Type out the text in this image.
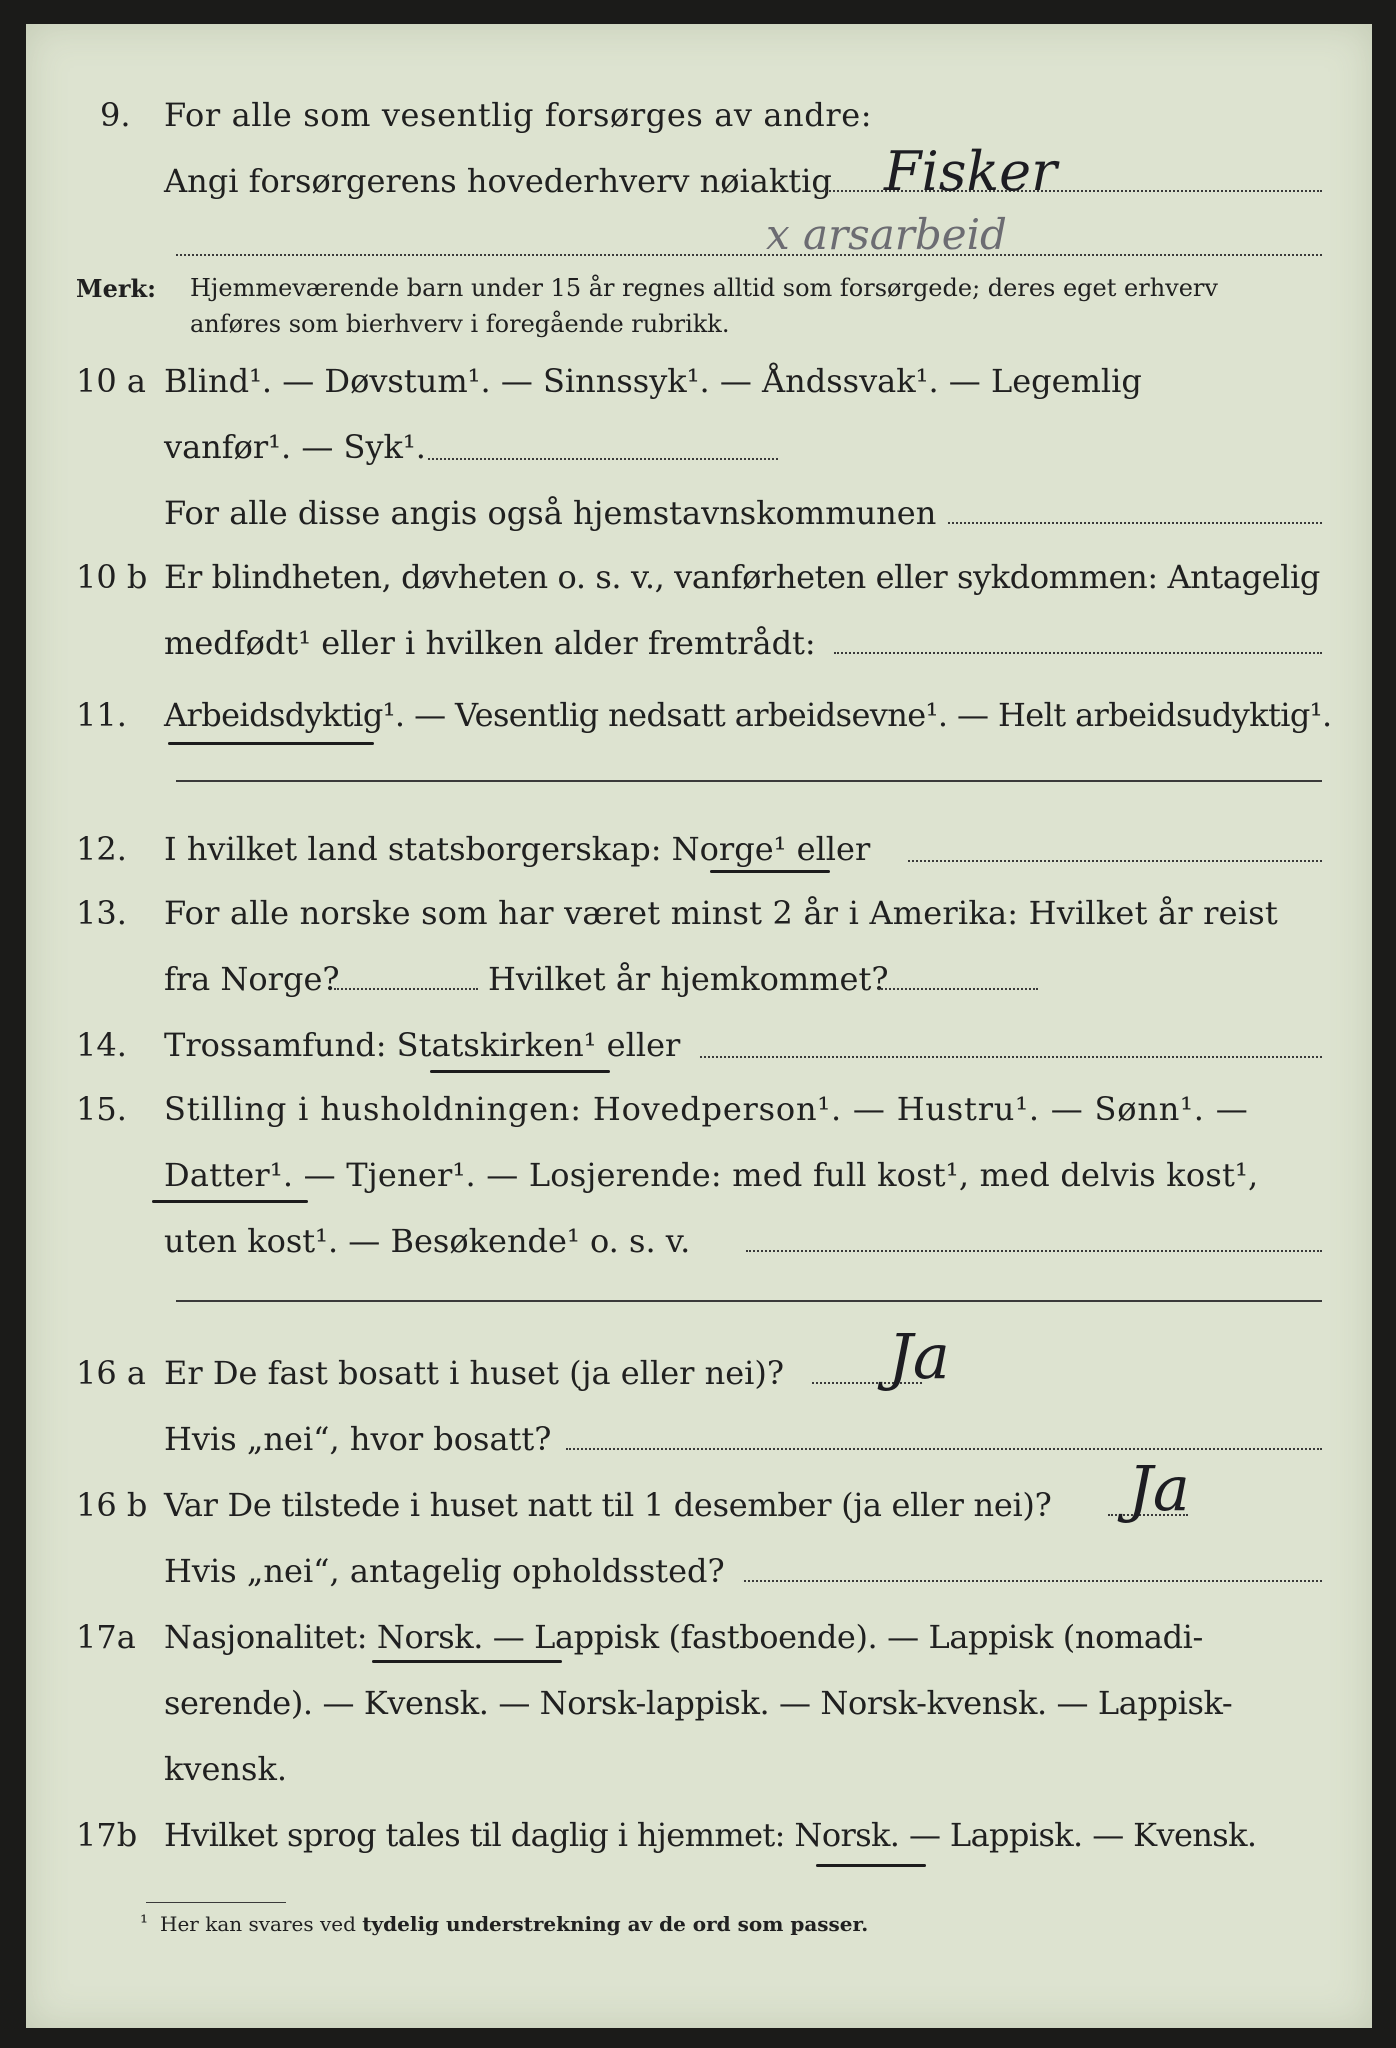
9. For alle som vesentlig forsørges av andre:
Angi forsørgerens hovederhverv nøiaktig Fisker
x arsarbeid
Merk: Hjemmeværende barn under 15 år regnes alltid som forsørgede; deres eget erhverv
anføres som bierhverv i foregående rubrikk.
10 a Blind¹. — Døvstum¹. — Sinnssyk¹. — Åndssvak¹. — Legemlig
vanfør¹. — Syk¹.
For alle disse angis også hjemstavnskommunen
10 b Er blindheten, døvheten o. s. v., vanførheten eller sykdommen: Antagelig
medfødt¹ eller i hvilken alder fremtrådt:
11. Arbeidsdyktig¹. — Vesentlig nedsatt arbeidsevne¹. — Helt arbeidsudyktig¹.
12. I hvilket land statsborgerskap: Norge¹ eller
13. For alle norske som har været minst 2 år i Amerika: Hvilket år reist
fra Norge?	Hvilket år hjemkommet?
14. Trossamfund: Statskirken¹ eller
15. Stilling i husholdningen: Hovedperson¹. — Hustru¹. — Sønn¹. —
Datter¹. — Tjener¹. — Losjerende: med full kost¹, med delvis kost¹,
uten kost¹. — Besøkende¹ o. s. v.
16 a Er De fast bosatt i huset (ja eller nei)? Ja
Hvis „nei“, hvor bosatt?
16 b Var De tilstede i huset natt til 1 desember (ja eller nei)? Ja
Hvis „nei“, antagelig opholdssted?
17a Nasjonalitet: Norsk. — Lappisk (fastboende). — Lappisk (nomadi-
serende). — Kvensk. — Norsk-lappisk. — Norsk-kvensk. — Lappisk-
kvensk.
17b Hvilket sprog tales til daglig i hjemmet: Norsk. — Lappisk. — Kvensk.
¹ Her kan svares ved tydelig understrekning av de ord som passer.
